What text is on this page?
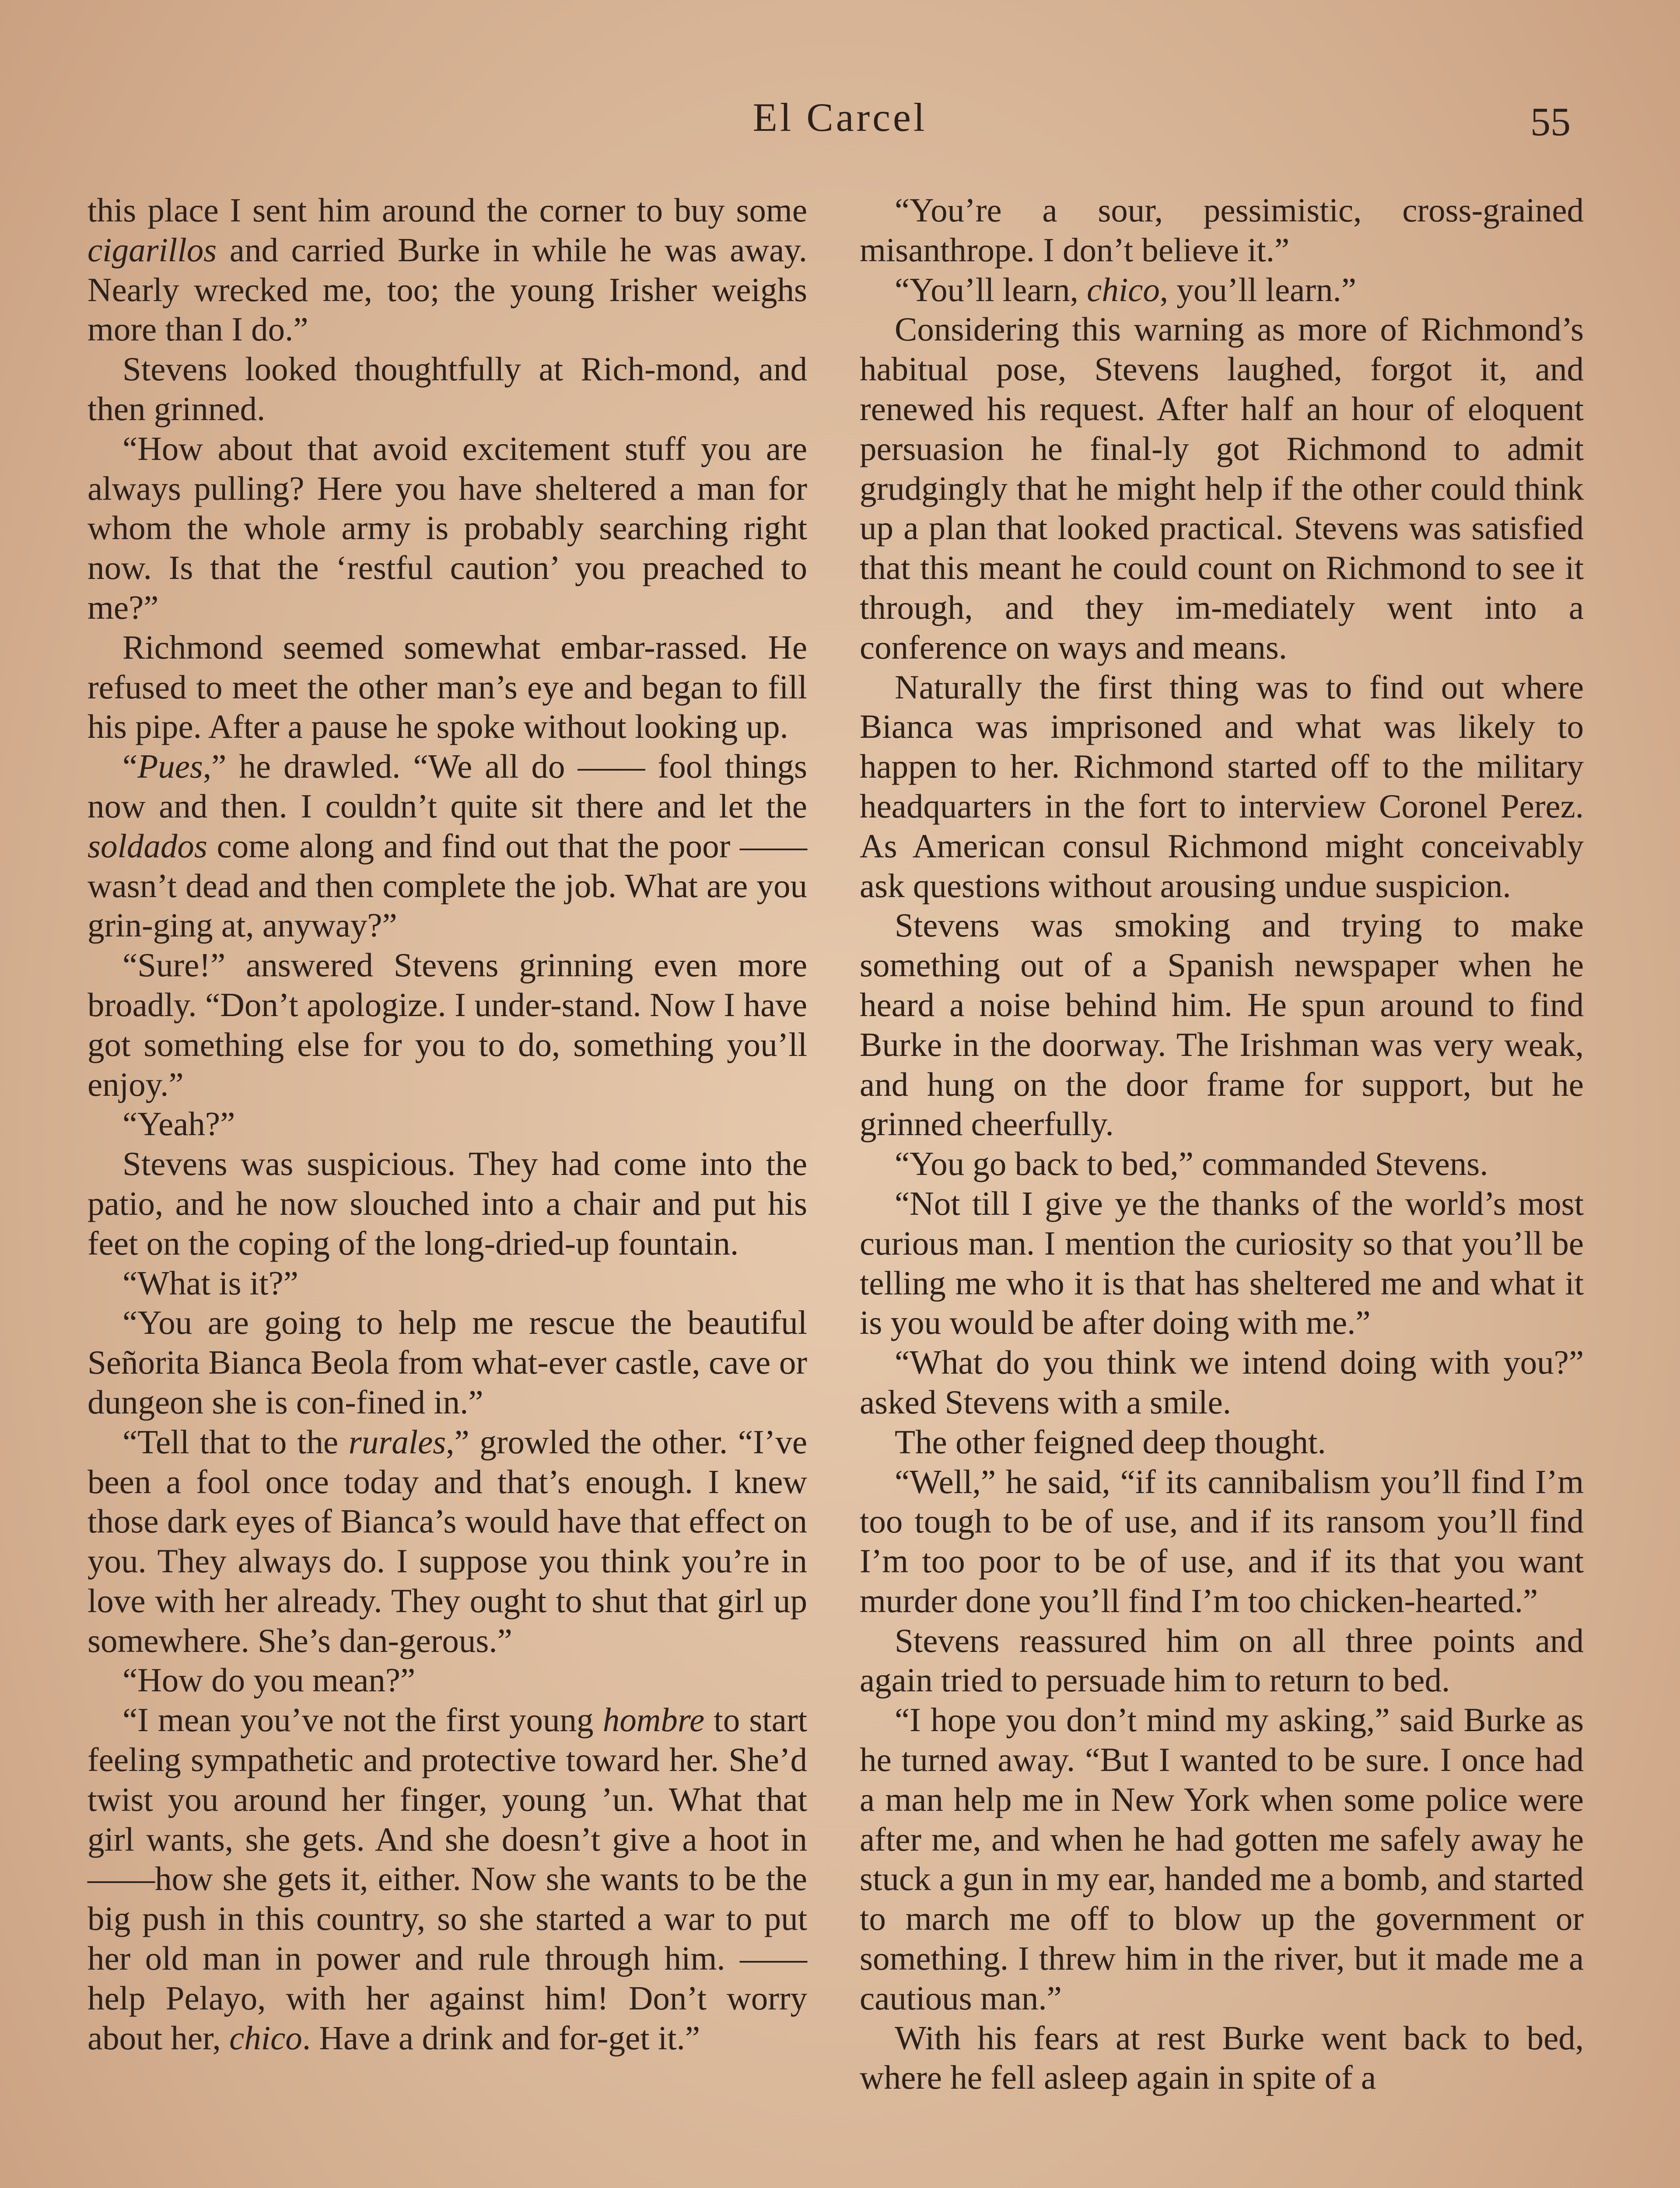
El Carcel	55

this place I sent him around the corner to buy some cigarillos and carried Burke in while he was away. Nearly wrecked me, too; the young Irisher weighs more than I do.”

Stevens looked thoughtfully at Rich-mond, and then grinned.

“How about that avoid excitement stuff you are always pulling? Here you have sheltered a man for whom the whole army is probably searching right now. Is that the ‘restful caution’ you preached to me?”

Richmond seemed somewhat embar-rassed. He refused to meet the other man’s eye and began to fill his pipe. After a pause he spoke without looking up.

“Pues,” he drawled. “We all do —— fool things now and then. I couldn’t quite sit there and let the soldados come along and find out that the poor —— wasn’t dead and then complete the job. What are you grin-ging at, anyway?”

“Sure!” answered Stevens grinning even more broadly. “Don’t apologize. I under-stand. Now I have got something else for you to do, something you’ll enjoy.”

“Yeah?”

Stevens was suspicious. They had come into the patio, and he now slouched into a chair and put his feet on the coping of the long-dried-up fountain.

“What is it?”

“You are going to help me rescue the beautiful Señorita Bianca Beola from what-ever castle, cave or dungeon she is con-fined in.”

“Tell that to the rurales,” growled the other. “I’ve been a fool once today and that’s enough. I knew those dark eyes of Bianca’s would have that effect on you. They always do. I suppose you think you’re in love with her already. They ought to shut that girl up somewhere. She’s dan-gerous.”

“How do you mean?”

“I mean you’ve not the first young hombre to start feeling sympathetic and protective toward her. She’d twist you around her finger, young ’un. What that girl wants, she gets. And she doesn’t give a hoot in ——how she gets it, either. Now she wants to be the big push in this country, so she started a war to put her old man in power and rule through him. —— help Pelayo, with her against him! Don’t worry about her, chico. Have a drink and for-get it.”

“You’re a sour, pessimistic, cross-grained misanthrope. I don’t believe it.”

“You’ll learn, chico, you’ll learn.”

Considering this warning as more of Richmond’s habitual pose, Stevens laughed, forgot it, and renewed his request. After half an hour of eloquent persuasion he final-ly got Richmond to admit grudgingly that he might help if the other could think up a plan that looked practical. Stevens was satisfied that this meant he could count on Richmond to see it through, and they im-mediately went into a conference on ways and means.

Naturally the first thing was to find out where Bianca was imprisoned and what was likely to happen to her. Richmond started off to the military headquarters in the fort to interview Coronel Perez. As American consul Richmond might conceivably ask questions without arousing undue suspicion.

Stevens was smoking and trying to make something out of a Spanish newspaper when he heard a noise behind him. He spun around to find Burke in the doorway. The Irishman was very weak, and hung on the door frame for support, but he grinned cheerfully.

“You go back to bed,” commanded Stevens.

“Not till I give ye the thanks of the world’s most curious man. I mention the curiosity so that you’ll be telling me who it is that has sheltered me and what it is you would be after doing with me.”

“What do you think we intend doing with you?” asked Stevens with a smile.

The other feigned deep thought.

“Well,” he said, “if its cannibalism you’ll find I’m too tough to be of use, and if its ransom you’ll find I’m too poor to be of use, and if its that you want murder done you’ll find I’m too chicken-hearted.”

Stevens reassured him on all three points and again tried to persuade him to return to bed.

“I hope you don’t mind my asking,” said Burke as he turned away. “But I wanted to be sure. I once had a man help me in New York when some police were after me, and when he had gotten me safely away he stuck a gun in my ear, handed me a bomb, and started to march me off to blow up the government or something. I threw him in the river, but it made me a cautious man.”

With his fears at rest Burke went back to bed, where he fell asleep again in spite of a
